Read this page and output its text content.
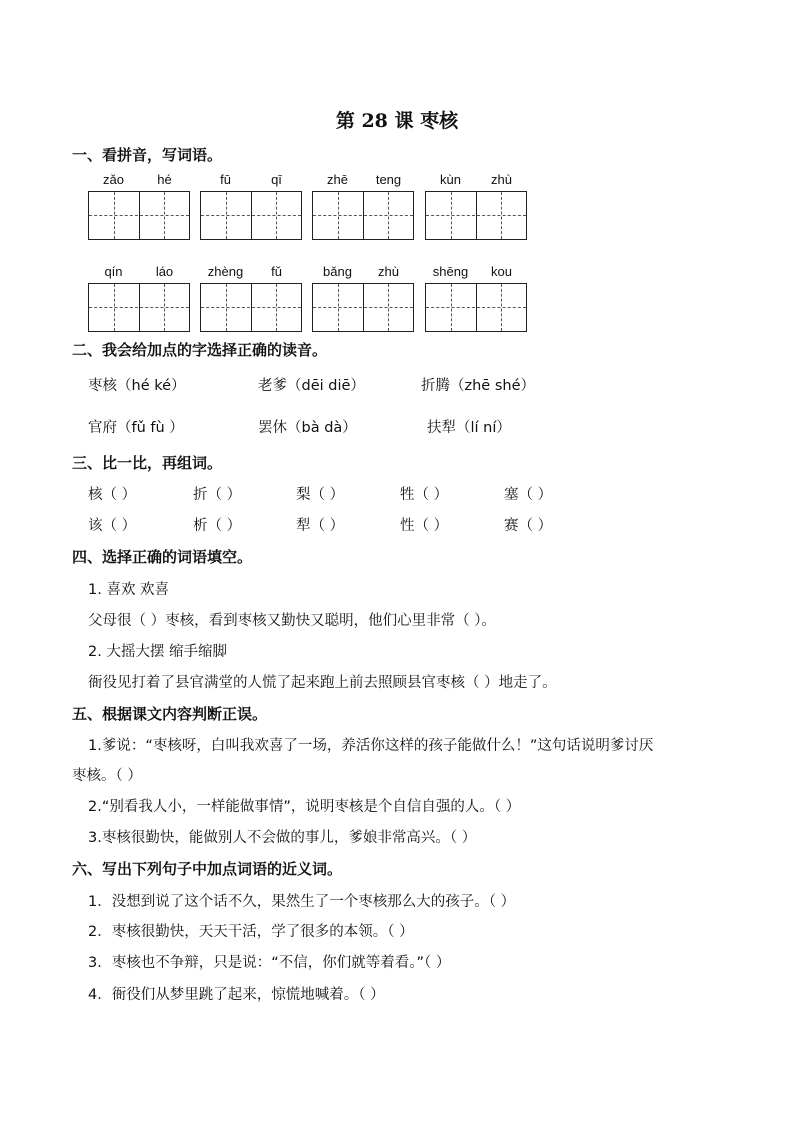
第 28 课 枣核
一、看拼音，写词语。
zǎo	hé	fū	qī	zhē	teng	kùn	zhù
qín	láo	zhèng	fǔ	bǎng	zhù	shēng	kou
二、我会给加点的字选择正确的读音。
枣核（hé ké）	老爹（dēi diē）	折腾（zhē shé）
官府（fǔ fù ）	罢休（bà dà）	扶犁（lí ní）
三、比一比，再组词。
核（ ）	折（ ）	梨（ ）	牲（ ）	塞（ ）
该（ ）	析（ ）	犁（ ）	性（ ）	赛（ ）
四、选择正确的词语填空。
1. 喜欢 欢喜
父母很（ ）枣核，看到枣核又勤快又聪明，他们心里非常（ ）。
2. 大摇大摆 缩手缩脚
衙役见打着了县官满堂的人慌了起来跑上前去照顾县官枣核（ ）地走了。
五、根据课文内容判断正误。
1.爹说：“枣核呀，白叫我欢喜了一场，养活你这样的孩子能做什么！”这句话说明爹讨厌
枣核。（ ）
2.“别看我人小，一样能做事情”，说明枣核是个自信自强的人。（ ）
3.枣核很勤快，能做别人不会做的事儿，爹娘非常高兴。（ ）
六、写出下列句子中加点词语的近义词。
1．没想到说了这个话不久，果然生了一个枣核那么大的孩子。（ ）
2．枣核很勤快，天天干活，学了很多的本领。（ ）
3．枣核也不争辩，只是说：“不信，你们就等着看。”（ ）
4．衙役们从梦里跳了起来，惊慌地喊着。（ ）
